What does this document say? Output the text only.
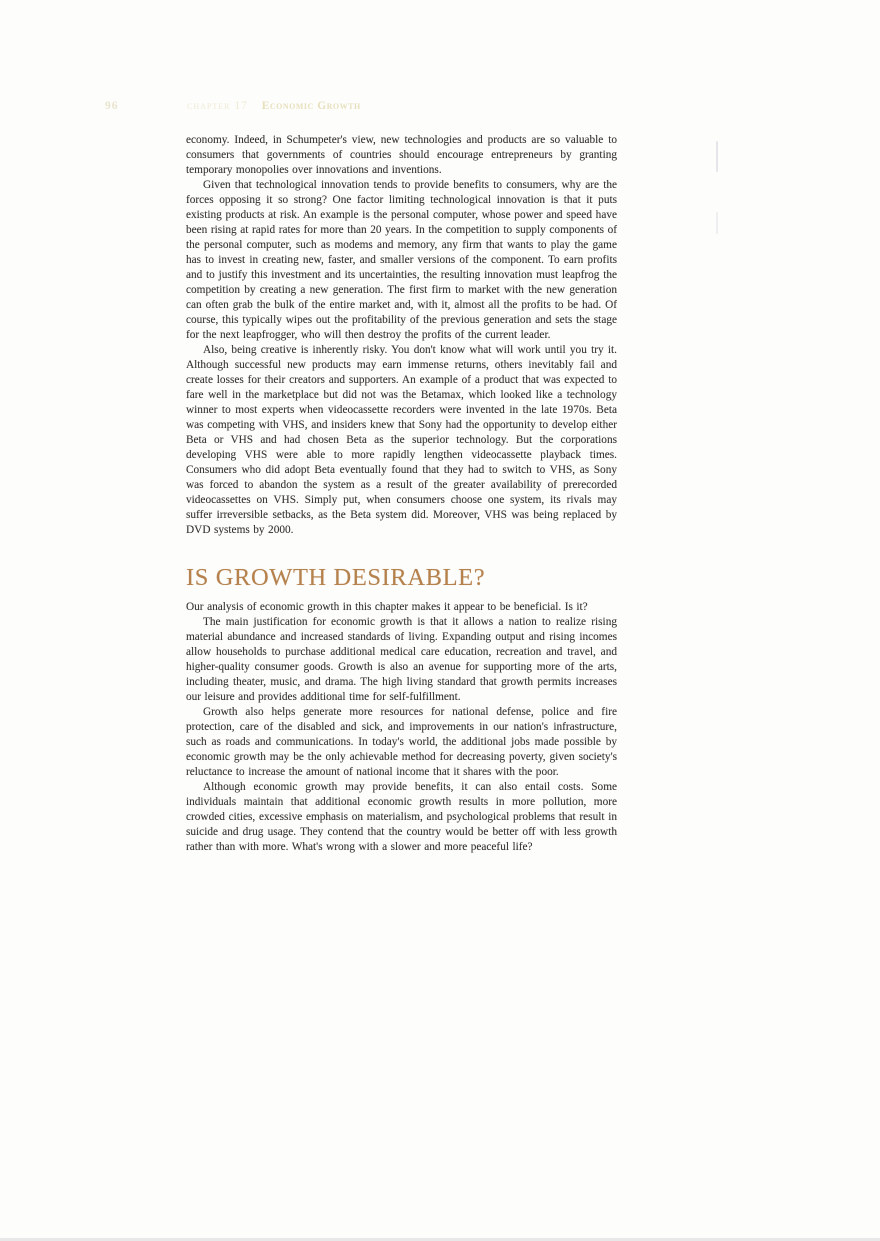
96	chapter 17 Economic Growth

economy. Indeed, in Schumpeter's view, new technologies and products are so valuable to consumers that governments of countries should encourage entrepreneurs by granting temporary monopolies over innovations and inventions.

Given that technological innovation tends to provide benefits to consumers, why are the forces opposing it so strong? One factor limiting technological innovation is that it puts existing products at risk. An example is the personal computer, whose power and speed have been rising at rapid rates for more than 20 years. In the competition to supply components of the personal computer, such as modems and memory, any firm that wants to play the game has to invest in creating new, faster, and smaller versions of the component. To earn profits and to justify this investment and its uncertainties, the resulting innovation must leapfrog the competition by creating a new generation. The first firm to market with the new generation can often grab the bulk of the entire market and, with it, almost all the profits to be had. Of course, this typically wipes out the profitability of the previous generation and sets the stage for the next leapfrogger, who will then destroy the profits of the current leader.

Also, being creative is inherently risky. You don't know what will work until you try it. Although successful new products may earn immense returns, others inevitably fail and create losses for their creators and supporters. An example of a product that was expected to fare well in the marketplace but did not was the Betamax, which looked like a technology winner to most experts when videocassette recorders were invented in the late 1970s. Beta was competing with VHS, and insiders knew that Sony had the opportunity to develop either Beta or VHS and had chosen Beta as the superior technology. But the corporations developing VHS were able to more rapidly lengthen videocassette playback times. Consumers who did adopt Beta eventually found that they had to switch to VHS, as Sony was forced to abandon the system as a result of the greater availability of prerecorded videocassettes on VHS. Simply put, when consumers choose one system, its rivals may suffer irreversible setbacks, as the Beta system did. Moreover, VHS was being replaced by DVD systems by 2000.

IS GROWTH DESIRABLE?

Our analysis of economic growth in this chapter makes it appear to be beneficial. Is it?

The main justification for economic growth is that it allows a nation to realize rising material abundance and increased standards of living. Expanding output and rising incomes allow households to purchase additional medical care education, recreation and travel, and higher-quality consumer goods. Growth is also an avenue for supporting more of the arts, including theater, music, and drama. The high living standard that growth permits increases our leisure and provides additional time for self-fulfillment.

Growth also helps generate more resources for national defense, police and fire protection, care of the disabled and sick, and improvements in our nation's infrastructure, such as roads and communications. In today's world, the additional jobs made possible by economic growth may be the only achievable method for decreasing poverty, given society's reluctance to increase the amount of national income that it shares with the poor.

Although economic growth may provide benefits, it can also entail costs. Some individuals maintain that additional economic growth results in more pollution, more crowded cities, excessive emphasis on materialism, and psychological problems that result in suicide and drug usage. They contend that the country would be better off with less growth rather than with more. What's wrong with a slower and more peaceful life?
